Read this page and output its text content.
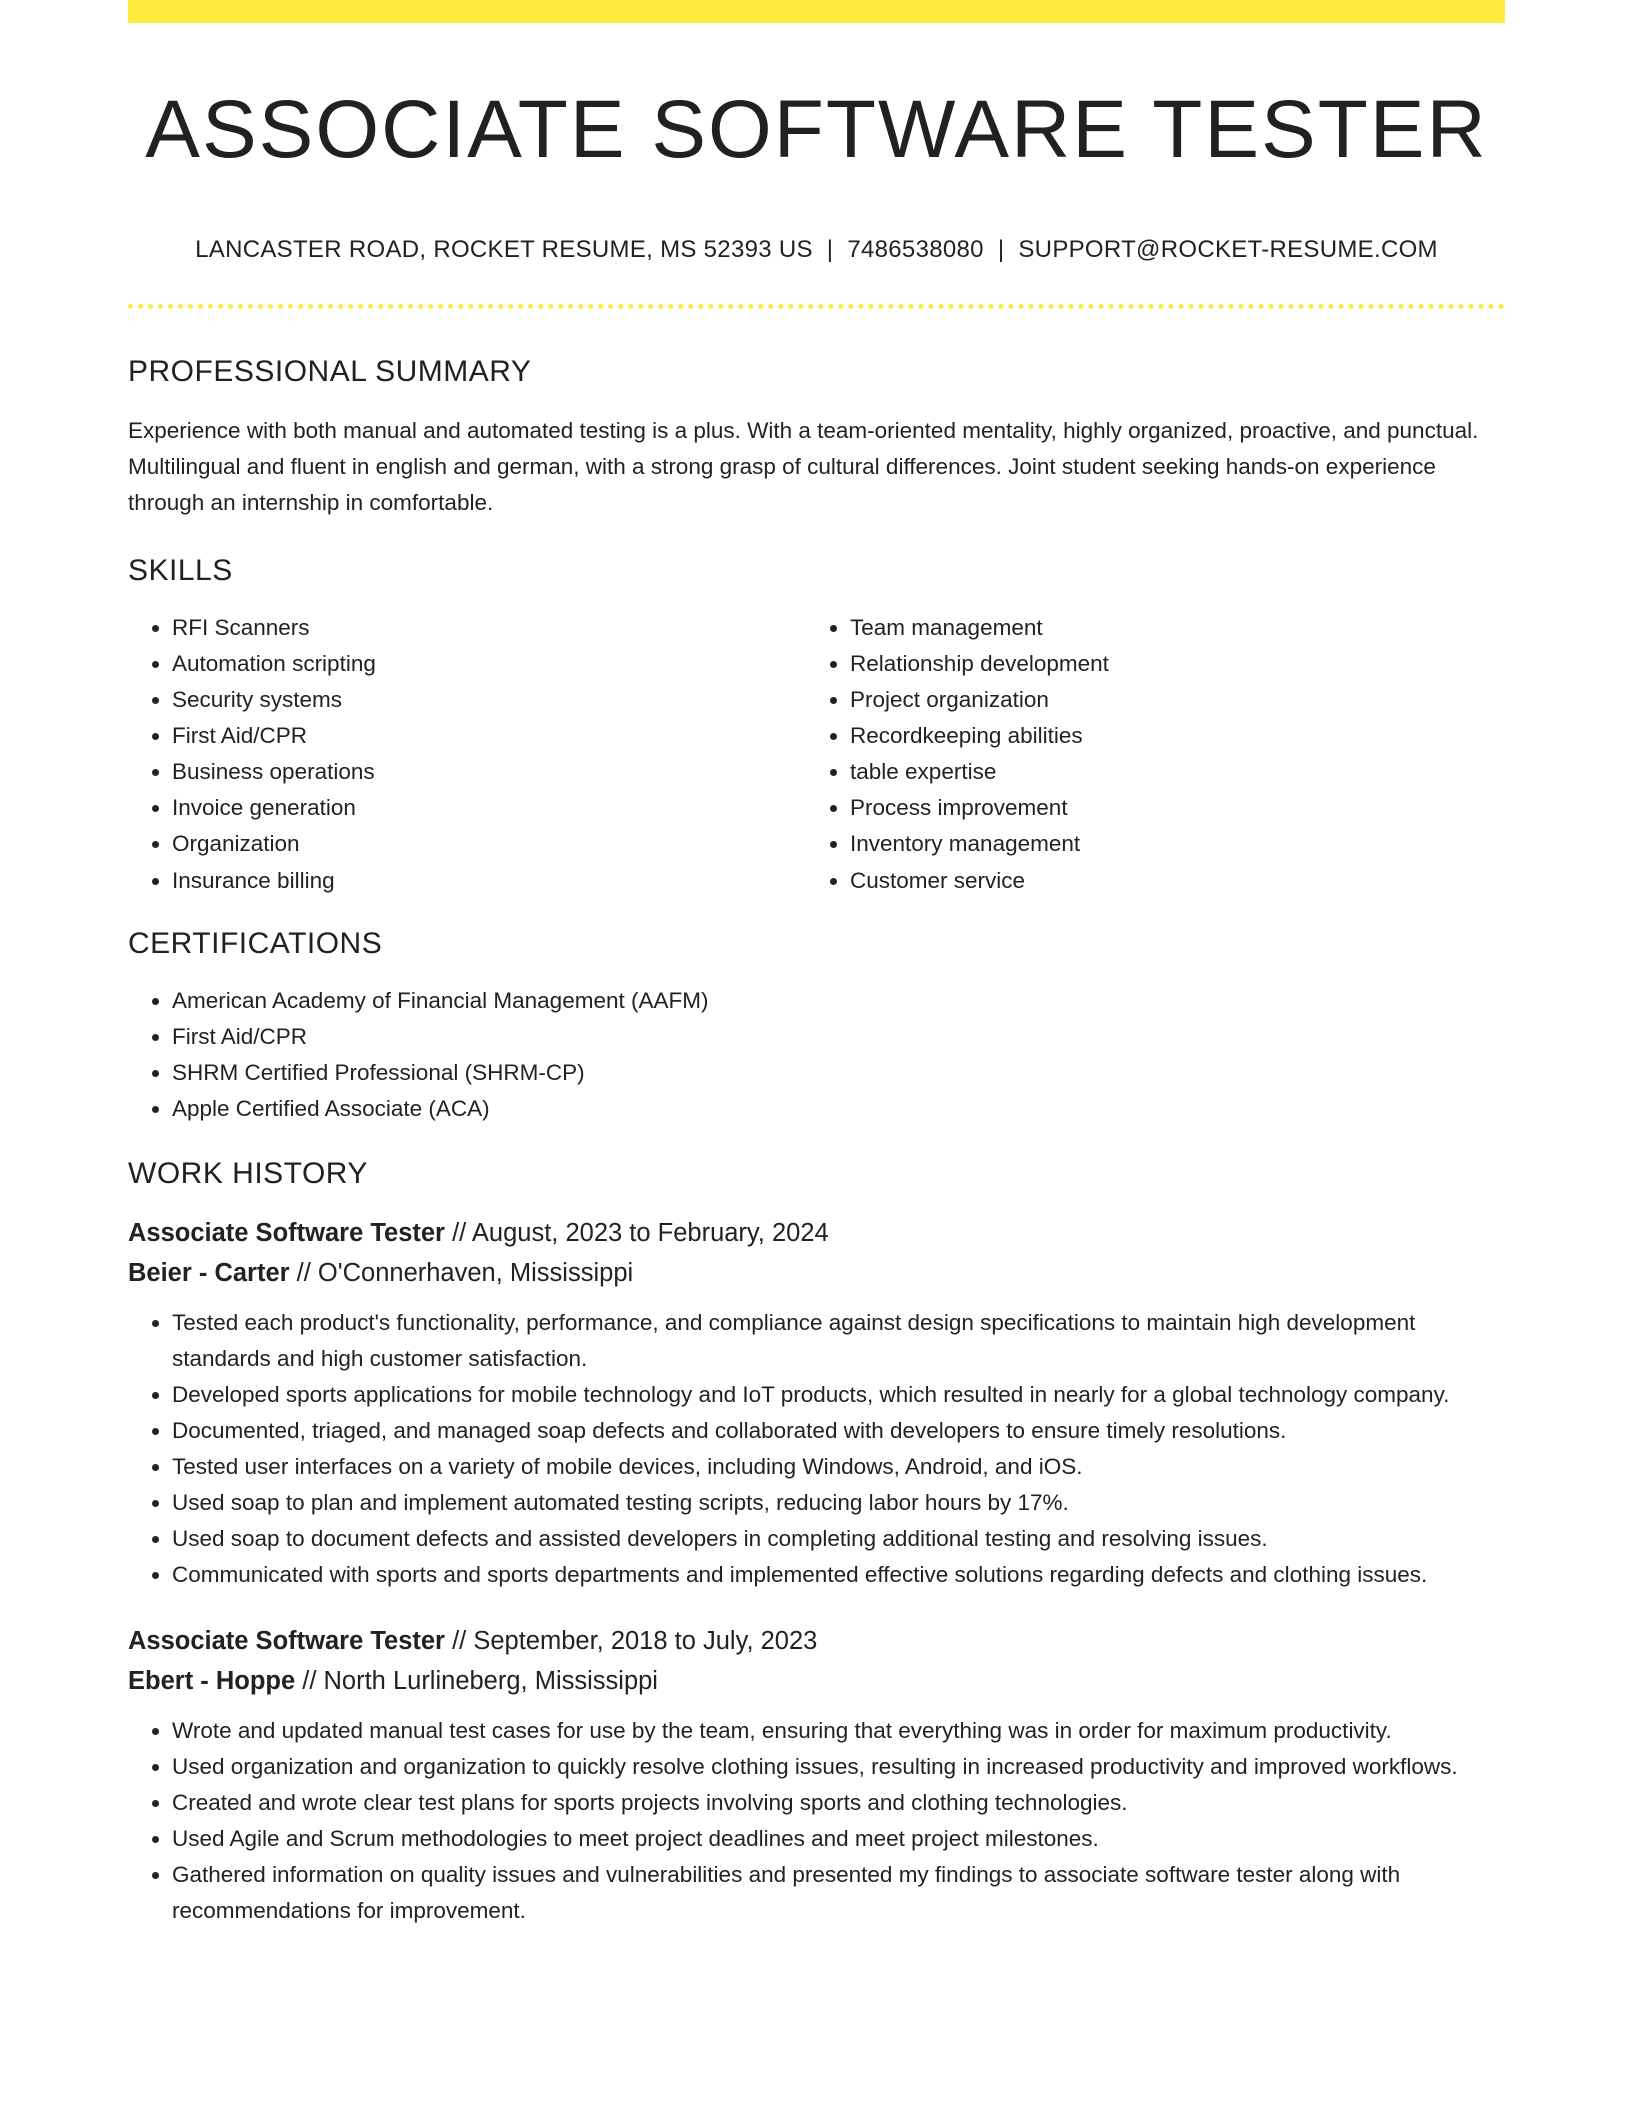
ASSOCIATE SOFTWARE TESTER
LANCASTER ROAD, ROCKET RESUME, MS 52393 US | 7486538080 | SUPPORT@ROCKET-RESUME.COM
PROFESSIONAL SUMMARY
Experience with both manual and automated testing is a plus. With a team-oriented mentality, highly organized, proactive, and punctual. Multilingual and fluent in english and german, with a strong grasp of cultural differences. Joint student seeking hands-on experience through an internship in comfortable.
SKILLS
• RFI Scanners
• Automation scripting
• Security systems
• First Aid/CPR
• Business operations
• Invoice generation
• Organization
• Insurance billing
• Team management
• Relationship development
• Project organization
• Recordkeeping abilities
• table expertise
• Process improvement
• Inventory management
• Customer service
CERTIFICATIONS
• American Academy of Financial Management (AAFM)
• First Aid/CPR
• SHRM Certified Professional (SHRM-CP)
• Apple Certified Associate (ACA)
WORK HISTORY
Associate Software Tester // August, 2023 to February, 2024
Beier - Carter // O'Connerhaven, Mississippi
• Tested each product's functionality, performance, and compliance against design specifications to maintain high development standards and high customer satisfaction.
• Developed sports applications for mobile technology and IoT products, which resulted in nearly for a global technology company.
• Documented, triaged, and managed soap defects and collaborated with developers to ensure timely resolutions.
• Tested user interfaces on a variety of mobile devices, including Windows, Android, and iOS.
• Used soap to plan and implement automated testing scripts, reducing labor hours by 17%.
• Used soap to document defects and assisted developers in completing additional testing and resolving issues.
• Communicated with sports and sports departments and implemented effective solutions regarding defects and clothing issues.
Associate Software Tester // September, 2018 to July, 2023
Ebert - Hoppe // North Lurlineberg, Mississippi
• Wrote and updated manual test cases for use by the team, ensuring that everything was in order for maximum productivity.
• Used organization and organization to quickly resolve clothing issues, resulting in increased productivity and improved workflows.
• Created and wrote clear test plans for sports projects involving sports and clothing technologies.
• Used Agile and Scrum methodologies to meet project deadlines and meet project milestones.
• Gathered information on quality issues and vulnerabilities and presented my findings to associate software tester along with recommendations for improvement.
